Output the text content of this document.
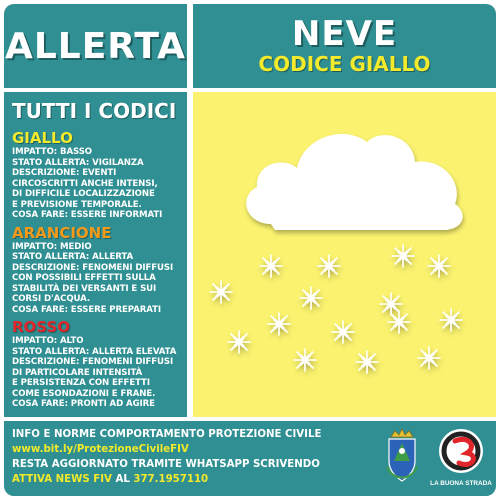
ALLERTA	NEVE
CODICE GIALLO
TUTTI I CODICI
GIALLO
IMPATTO: BASSO
STATO ALLERTA: VIGILANZA
DESCRIZIONE: EVENTI
CIRCOSCRITTI ANCHE INTENSI,
DI DIFFICILE LOCALIZZAZIONE
E PREVISIONE TEMPORALE.
COSA FARE: ESSERE INFORMATI
ARANCIONE
IMPATTO: MEDIO
STATO ALLERTA: ALLERTA
DESCRIZIONE: FENOMENI DIFFUSI
CON POSSIBILI EFFETTI SULLA
STABILITÀ DEI VERSANTI E SUI
CORSI D'ACQUA.
COSA FARE: ESSERE PREPARATI
ROSSO
IMPATTO: ALTO
STATO ALLERTA: ALLERTA ELEVATA
DESCRIZIONE: FENOMENI DIFFUSI
DI PARTICOLARE INTENSITÀ
E PERSISTENZA CON EFFETTI
COME ESONDAZIONI E FRANE.
COSA FARE: PRONTI AD AGIRE
INFO E NORME COMPORTAMENTO PROTEZIONE CIVILE
www.bit.ly/ProtezioneCivileFIV
RESTA AGGIORNATO TRAMITE WHATSAPP SCRIVENDO
ATTIVA NEWS FIV AL 377.1957110	LA BUONA STRADA
